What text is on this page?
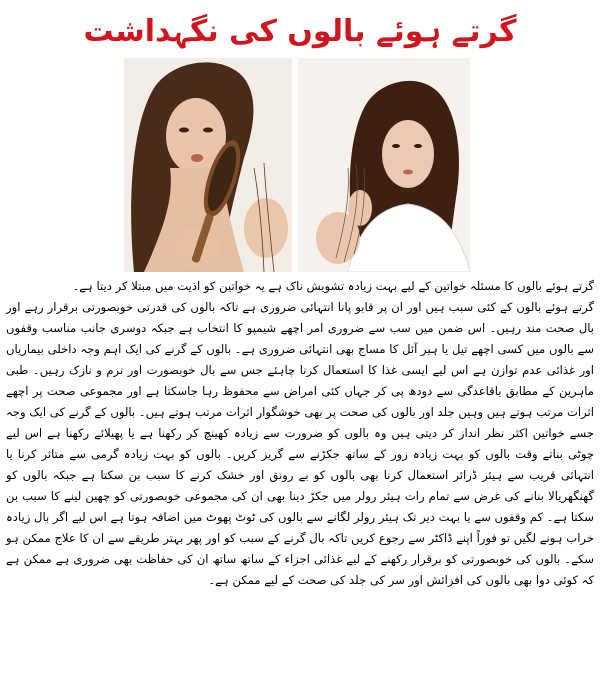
گرتے ہوئے بالوں کی نگہداشت

گرتے ہوئے بالوں کا مسئلہ خواتین کے لیے بہت زیادہ تشویش ناک ہے یہ خواتین کو اذیت میں مبتلا کر دیتا ہے۔

گرتے ہوئے بالوں کے کئی سبب ہیں اور ان پر قابو پانا انتہائی ضروری ہے تاکہ بالوں کی قدرتی خوبصورتی برقرار رہے اور بال صحت مند رہیں۔ اس ضمن میں سب سے ضروری امر اچھے شیمپو کا انتخاب ہے جبکہ دوسری جانب مناسب وقفوں سے بالوں میں کسی اچھے تیل یا ہیر آئل کا مساج بھی انتہائی ضروری ہے۔ بالوں کے گرنے کی ایک اہم وجہ داخلی بیماریاں اور غذائی عدم توازن ہے اس لیے ایسی غذا کا استعمال کرنا چاہئے جس سے بال خوبصورت اور نرم و نازک رہیں۔ طبی ماہرین کے مطابق باقاعدگی سے دودھ پی کر جہاں کئی امراض سے محفوظ رہا جاسکتا ہے اور مجموعی صحت پر اچھے اثرات مرتب ہوتے ہیں وہیں جلد اور بالوں کی صحت پر بھی خوشگوار اثرات مرتب ہوتے ہیں۔ بالوں کے گرنے کی ایک وجہ جسے خواتین اکثر نظر انداز کر دیتی ہیں وہ بالوں کو ضرورت سے زیادہ کھینچ کر رکھنا ہے یا پھیلائے رکھنا ہے اس لیے چوٹی بناتے وقت بالوں کو بہت زیادہ زور کے ساتھ جکڑنے سے گریز کریں۔ بالوں کو بہت زیادہ گرمی سے متاثر کرنا یا انتہائی قریب سے ہیئر ڈرائر استعمال کرنا بھی بالوں کو بے رونق اور خشک کرنے کا سبب بن سکتا ہے جبکہ بالوں کو گھنگھریالا بنانے کی غرض سے تمام رات ہیئر رولر میں جکڑ دینا بھی ان کی مجموعی خوبصورتی کو چھین لینے کا سبب بن سکتا ہے۔ کم وقفوں سے یا بہت دیر تک ہیئر رولر لگانے سے بالوں کی ٹوٹ پھوٹ میں اضافہ ہوتا ہے اس لیے اگر بال زیادہ خراب ہونے لگیں تو فوراً اپنے ڈاکٹر سے رجوع کریں تاکہ بال گرنے کے سبب کو اور پھر بہتر طریقے سے ان کا علاج ممکن ہو سکے۔ بالوں کی خوبصورتی کو برقرار رکھنے کے لیے غذائی اجزاء کے ساتھ ساتھ ان کی حفاظت بھی ضروری ہے ممکن ہے کہ کوئی دوا بھی بالوں کی افزائش اور سر کی جلد کی صحت کے لیے ممکن ہے۔
